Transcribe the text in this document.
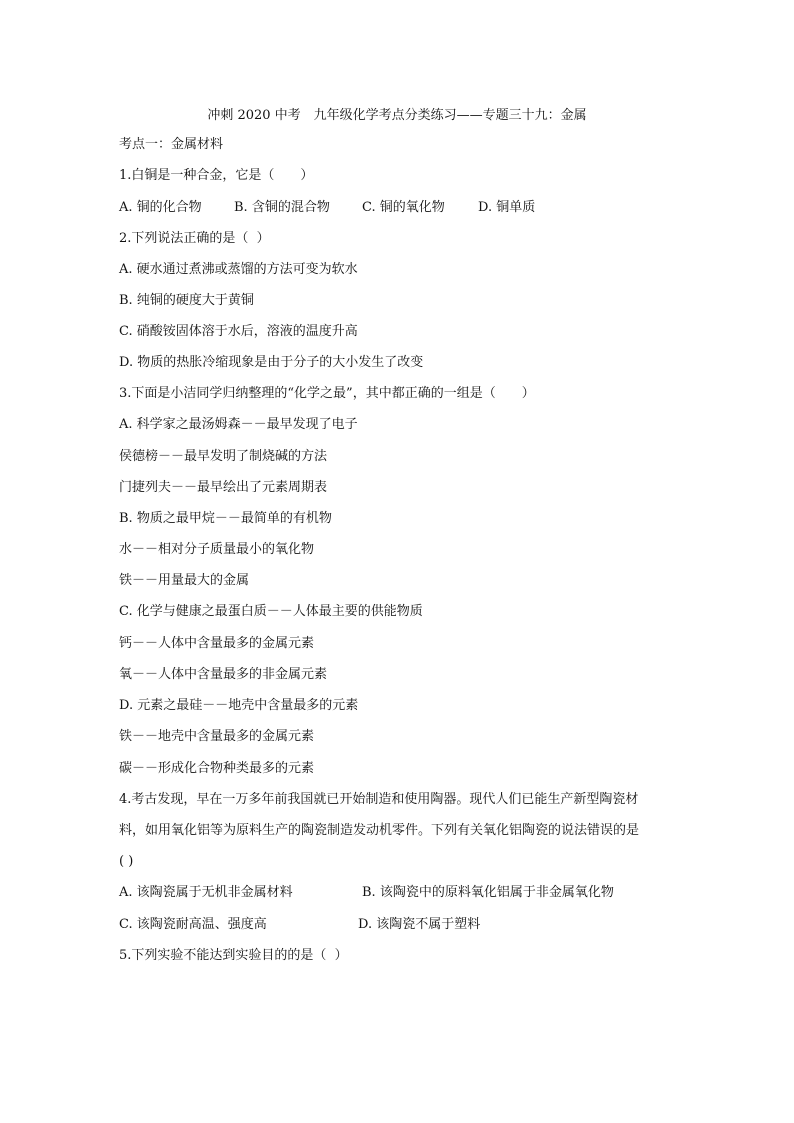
冲刺 2020 中考　九年级化学考点分类练习——专题三十九：金属
考点一：金属材料
1.白铜是一种合金，它是（　　）
A. 铜的化合物 B. 含铜的混合物 C. 铜的氧化物	D. 铜单质
2.下列说法正确的是（  ）
A. 硬水通过煮沸或蒸馏的方法可变为软水
B. 纯铜的硬度大于黄铜
C. 硝酸铵固体溶于水后，溶液的温度升高
D. 物质的热胀冷缩现象是由于分子的大小发生了改变
3.下面是小洁同学归纳整理的“化学之最”，其中都正确的一组是（　　）
A. 科学家之最汤姆森－－最早发现了电子
侯德榜－－最早发明了制烧碱的方法
门捷列夫－－最早绘出了元素周期表
B. 物质之最甲烷－－最简单的有机物
水－－相对分子质量最小的氧化物
铁－－用量最大的金属
C. 化学与健康之最蛋白质－－人体最主要的供能物质
钙－－人体中含量最多的金属元素
氧－－人体中含量最多的非金属元素
D. 元素之最硅－－地壳中含量最多的元素
铁－－地壳中含量最多的金属元素
碳－－形成化合物种类最多的元素
4.考古发现，早在一万多年前我国就已开始制造和使用陶器。现代人们已能生产新型陶瓷材
料，如用氧化铝等为原料生产的陶瓷制造发动机零件。下列有关氧化铝陶瓷的说法错误的是
( )
A. 该陶瓷属于无机非金属材料	B. 该陶瓷中的原料氧化铝属于非金属氧化物
C. 该陶瓷耐高温、强度高	D. 该陶瓷不属于塑料
5.下列实验不能达到实验目的的是（  ）
